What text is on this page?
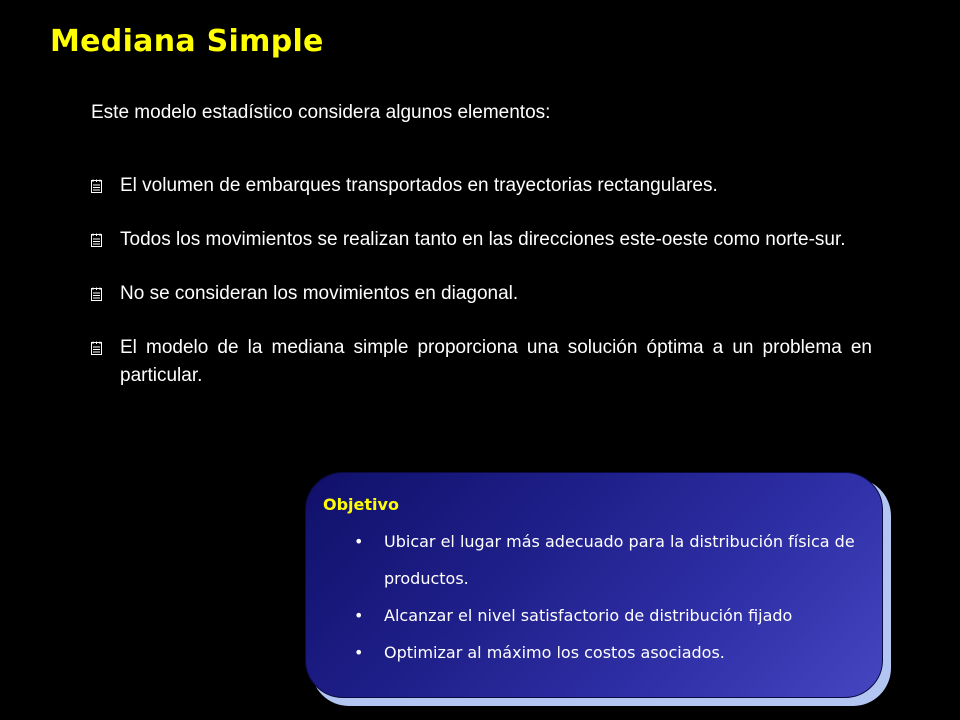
Mediana Simple

Este modelo estadístico considera algunos elementos:

El volumen de embarques transportados en trayectorias rectangulares.
Todos los movimientos se realizan tanto en las direcciones este-oeste como norte-sur.
No se consideran los movimientos en diagonal.
El modelo de la mediana simple proporciona una solución óptima a un problema en particular.

Objetivo

• Ubicar el lugar más adecuado para la distribución física de productos.
• Alcanzar el nivel satisfactorio de distribución fijado
• Optimizar al máximo los costos asociados.
